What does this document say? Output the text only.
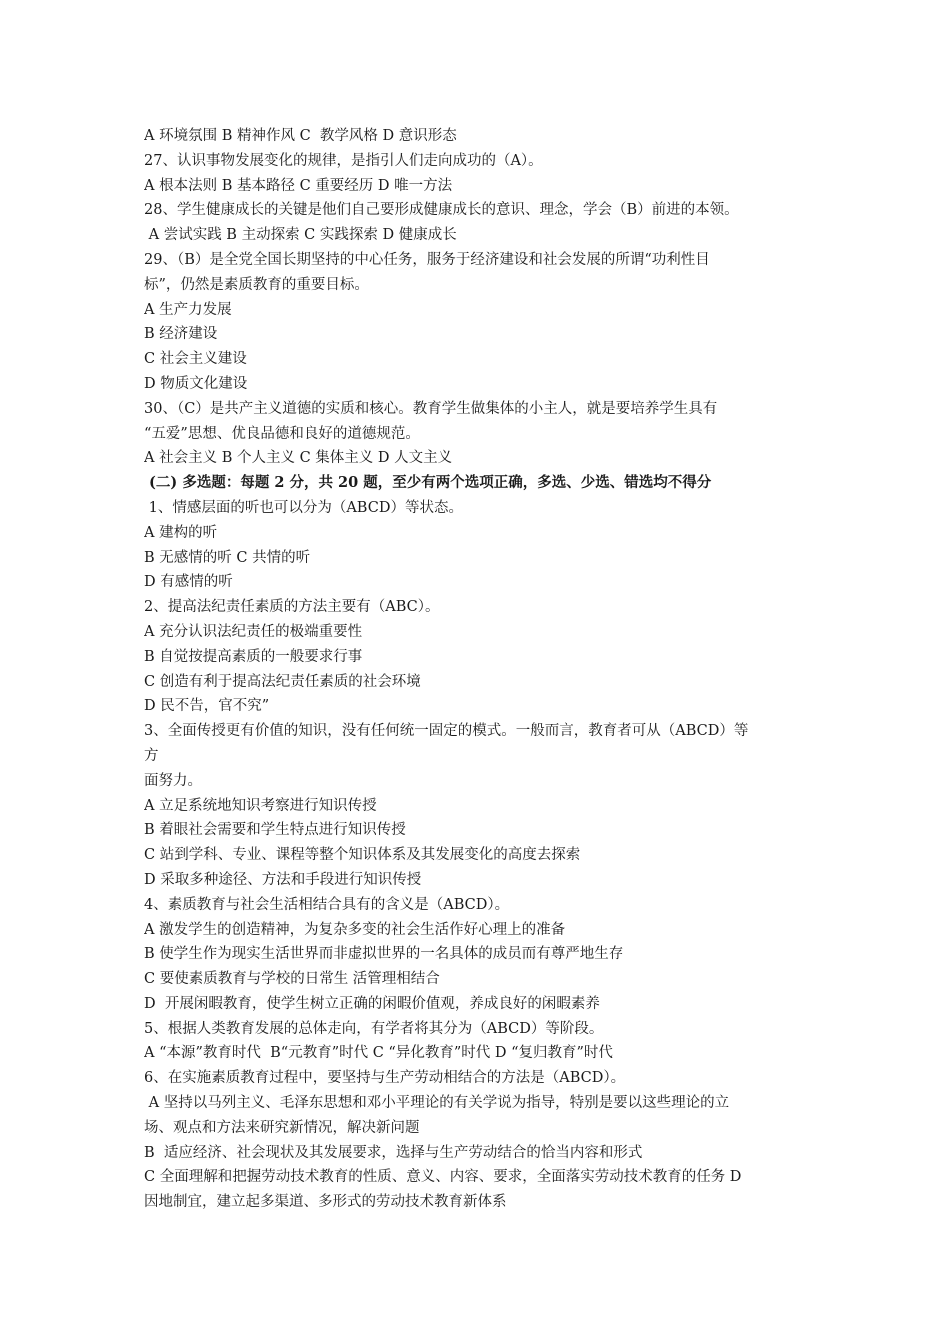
A 环境氛围 B 精神作风 C  教学风格 D 意识形态
27、认识事物发展变化的规律，是指引人们走向成功的（A）。
A 根本法则 B 基本路径 C 重要经历 D 唯一方法
28、学生健康成长的关键是他们自己要形成健康成长的意识、理念，学会（B）前进的本领。
A 尝试实践 B 主动探索 C 实践探索 D 健康成长
29、（B）是全党全国长期坚持的中心任务，服务于经济建设和社会发展的所谓“功利性目
标”，仍然是素质教育的重要目标。
A 生产力发展
B 经济建设
C 社会主义建设
D 物质文化建设
30、（C）是共产主义道德的实质和核心。教育学生做集体的小主人，就是要培养学生具有
“五爱”思想、优良品德和良好的道德规范。
A 社会主义 B 个人主义 C 集体主义 D 人文主义
(二) 多选题：每题 2 分，共 20 题，至少有两个选项正确，多选、少选、错选均不得分
1、情感层面的听也可以分为（ABCD）等状态。
A 建构的听
B 无感情的听 C 共情的听
D 有感情的听
2、提高法纪责任素质的方法主要有（ABC）。
A 充分认识法纪责任的极端重要性
B 自觉按提高素质的一般要求行事
C 创造有利于提高法纪责任素质的社会环境
D 民不告，官不究”
3、全面传授更有价值的知识，没有任何统一固定的模式。一般而言，教育者可从（ABCD）等
方
面努力。
A 立足系统地知识考察进行知识传授
B 着眼社会需要和学生特点进行知识传授
C 站到学科、专业、课程等整个知识体系及其发展变化的高度去探索
D 采取多种途径、方法和手段进行知识传授
4、素质教育与社会生活相结合具有的含义是（ABCD）。
A 激发学生的创造精神，为复杂多变的社会生活作好心理上的准备
B 使学生作为现实生活世界而非虚拟世界的一名具体的成员而有尊严地生存
C 要使素质教育与学校的日常生 活管理相结合
D  开展闲暇教育，使学生树立正确的闲暇价值观，养成良好的闲暇素养
5、根据人类教育发展的总体走向，有学者将其分为（ABCD）等阶段。
A “本源”教育时代  B“元教育”时代 C “异化教育”时代 D “复归教育”时代
6、在实施素质教育过程中，要坚持与生产劳动相结合的方法是（ABCD）。
A 坚持以马列主义、毛泽东思想和邓小平理论的有关学说为指导，特别是要以这些理论的立
场、观点和方法来研究新情况，解决新问题
B  适应经济、社会现状及其发展要求，选择与生产劳动结合的恰当内容和形式
C 全面理解和把握劳动技术教育的性质、意义、内容、要求，全面落实劳动技术教育的任务 D
因地制宜，建立起多渠道、多形式的劳动技术教育新体系
